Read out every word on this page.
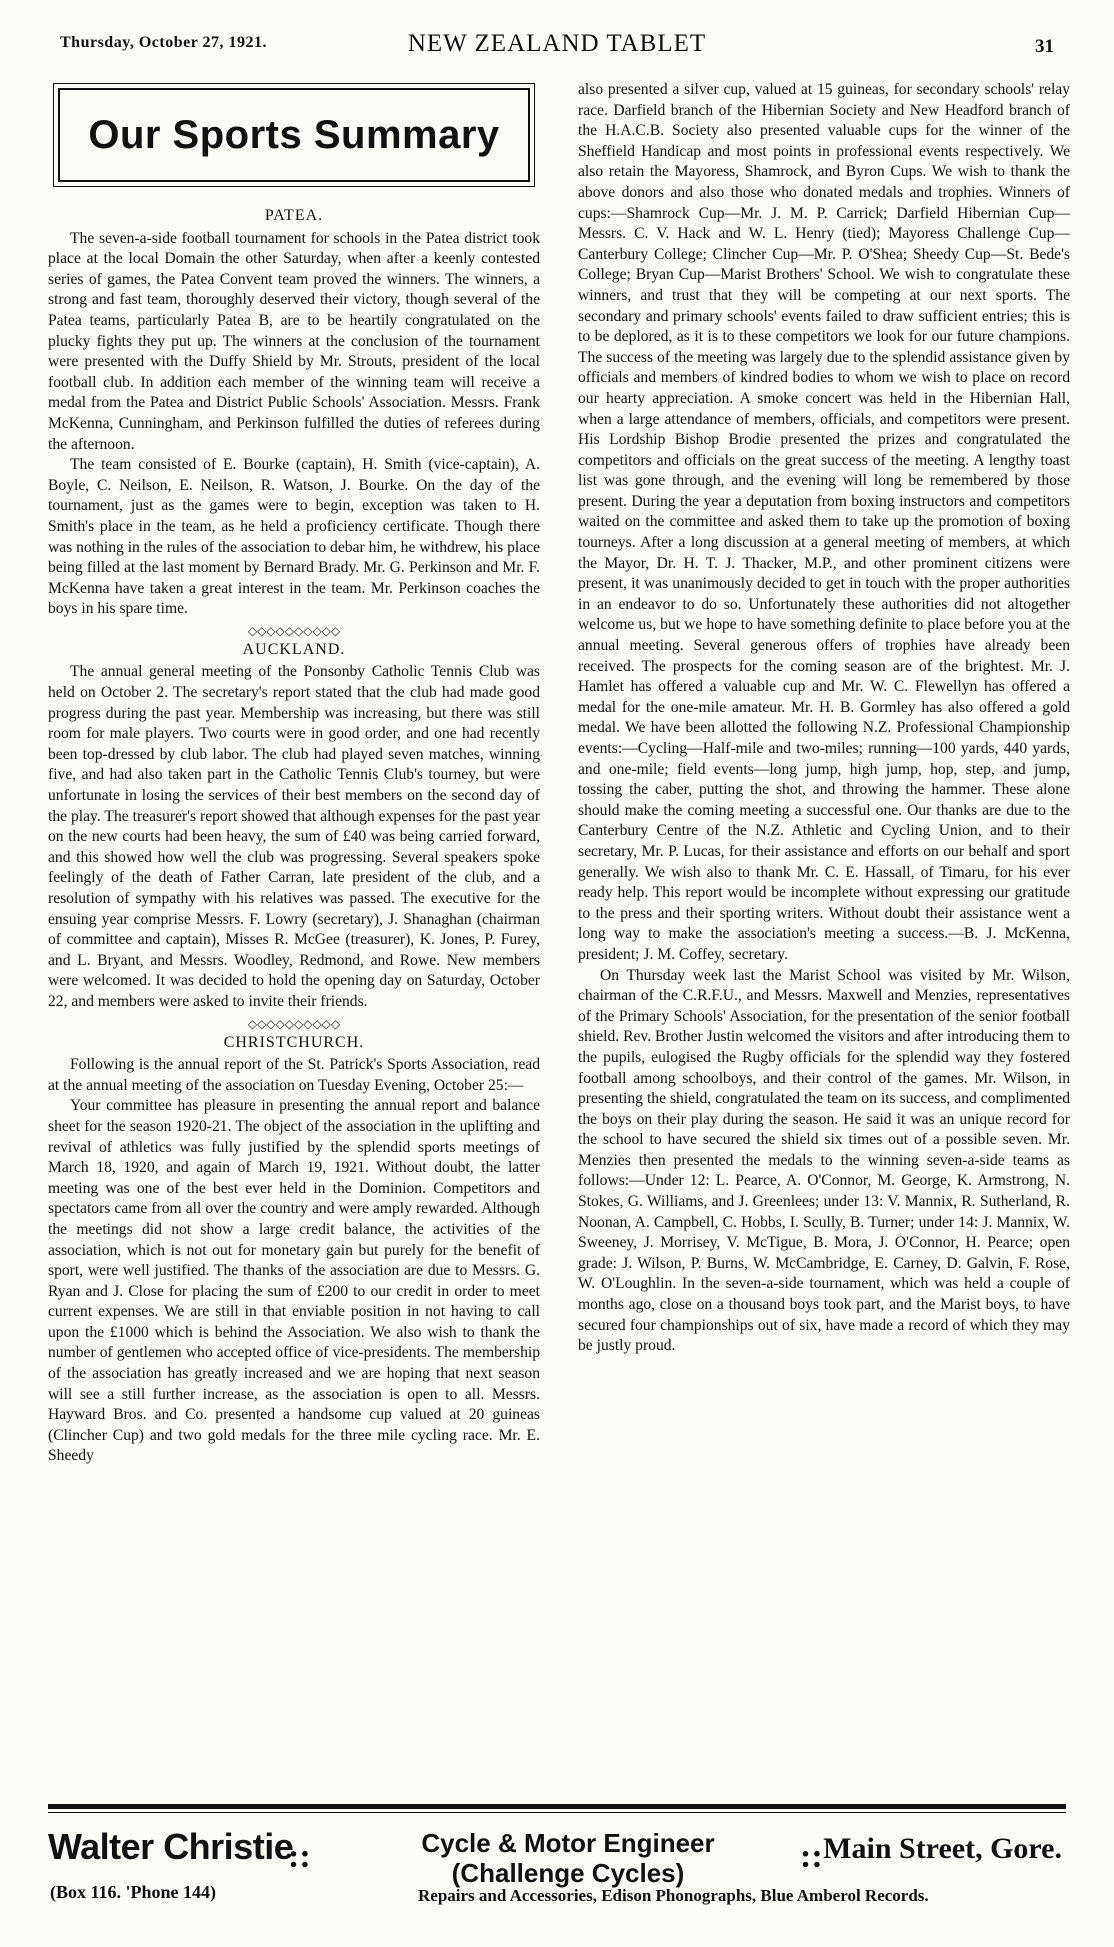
Thursday, October 27, 1921.	NEW ZEALAND TABLET	31
Our Sports Summary
PATEA.

The seven-a-side football tournament for schools in the Patea district took place at the local Domain the other Saturday, when after a keenly contested series of games, the Patea Convent team proved the winners. The winners, a strong and fast team, thoroughly deserved their victory, though several of the Patea teams, particularly Patea B, are to be heartily congratulated on the plucky fights they put up. The winners at the conclusion of the tournament were presented with the Duffy Shield by Mr. Strouts, president of the local football club. In addition each member of the winning team will receive a medal from the Patea and District Public Schools' Association. Messrs. Frank McKenna, Cunningham, and Perkinson fulfilled the duties of referees during the afternoon.

The team consisted of E. Bourke (captain), H. Smith (vice-captain), A. Boyle, C. Neilson, E. Neilson, R. Watson, J. Bourke. On the day of the tournament, just as the games were to begin, exception was taken to H. Smith's place in the team, as he held a proficiency certificate. Though there was nothing in the rules of the association to debar him, he withdrew, his place being filled at the last moment by Bernard Brady. Mr. G. Perkinson and Mr. F. McKenna have taken a great interest in the team. Mr. Perkinson coaches the boys in his spare time.

◇◇◇◇◇◇◇◇◇◇
AUCKLAND.

The annual general meeting of the Ponsonby Catholic Tennis Club was held on October 2. The secretary's report stated that the club had made good progress during the past year. Membership was increasing, but there was still room for male players. Two courts were in good order, and one had recently been top-dressed by club labor. The club had played seven matches, winning five, and had also taken part in the Catholic Tennis Club's tourney, but were unfortunate in losing the services of their best members on the second day of the play. The treasurer's report showed that although expenses for the past year on the new courts had been heavy, the sum of £40 was being carried forward, and this showed how well the club was progressing. Several speakers spoke feelingly of the death of Father Carran, late president of the club, and a resolution of sympathy with his relatives was passed. The executive for the ensuing year comprise Messrs. F. Lowry (secretary), J. Shanaghan (chairman of committee and captain), Misses R. McGee (treasurer), K. Jones, P. Furey, and L. Bryant, and Messrs. Woodley, Redmond, and Rowe. New members were welcomed. It was decided to hold the opening day on Saturday, October 22, and members were asked to invite their friends.

◇◇◇◇◇◇◇◇◇◇
CHRISTCHURCH.

Following is the annual report of the St. Patrick's Sports Association, read at the annual meeting of the association on Tuesday Evening, October 25:—

Your committee has pleasure in presenting the annual report and balance sheet for the season 1920-21. The object of the association in the uplifting and revival of athletics was fully justified by the splendid sports meetings of March 18, 1920, and again of March 19, 1921. Without doubt, the latter meeting was one of the best ever held in the Dominion. Competitors and spectators came from all over the country and were amply rewarded. Although the meetings did not show a large credit balance, the activities of the association, which is not out for monetary gain but purely for the benefit of sport, were well justified. The thanks of the association are due to Messrs. G. Ryan and J. Close for placing the sum of £200 to our credit in order to meet current expenses. We are still in that enviable position in not having to call upon the £1000 which is behind the Association. We also wish to thank the number of gentlemen who accepted office of vice-presidents. The membership of the association has greatly increased and we are hoping that next season will see a still further increase, as the association is open to all. Messrs. Hayward Bros. and Co. presented a handsome cup valued at 20 guineas (Clincher Cup) and two gold medals for the three mile cycling race. Mr. E. Sheedy

also presented a silver cup, valued at 15 guineas, for secondary schools' relay race. Darfield branch of the Hibernian Society and New Headford branch of the H.A.C.B. Society also presented valuable cups for the winner of the Sheffield Handicap and most points in professional events respectively. We also retain the Mayoress, Shamrock, and Byron Cups. We wish to thank the above donors and also those who donated medals and trophies. Winners of cups:—Shamrock Cup—Mr. J. M. P. Carrick; Darfield Hibernian Cup—Messrs. C. V. Hack and W. L. Henry (tied); Mayoress Challenge Cup—Canterbury College; Clincher Cup—Mr. P. O'Shea; Sheedy Cup—St. Bede's College; Bryan Cup—Marist Brothers' School. We wish to congratulate these winners, and trust that they will be competing at our next sports. The secondary and primary schools' events failed to draw sufficient entries; this is to be deplored, as it is to these competitors we look for our future champions. The success of the meeting was largely due to the splendid assistance given by officials and members of kindred bodies to whom we wish to place on record our hearty appreciation. A smoke concert was held in the Hibernian Hall, when a large attendance of members, officials, and competitors were present. His Lordship Bishop Brodie presented the prizes and congratulated the competitors and officials on the great success of the meeting. A lengthy toast list was gone through, and the evening will long be remembered by those present. During the year a deputation from boxing instructors and competitors waited on the committee and asked them to take up the promotion of boxing tourneys. After a long discussion at a general meeting of members, at which the Mayor, Dr. H. T. J. Thacker, M.P., and other prominent citizens were present, it was unanimously decided to get in touch with the proper authorities in an endeavor to do so. Unfortunately these authorities did not altogether welcome us, but we hope to have something definite to place before you at the annual meeting. Several generous offers of trophies have already been received. The prospects for the coming season are of the brightest. Mr. J. Hamlet has offered a valuable cup and Mr. W. C. Flewellyn has offered a medal for the one-mile amateur. Mr. H. B. Gormley has also offered a gold medal. We have been allotted the following N.Z. Professional Championship events:—Cycling—Half-mile and two-miles; running—100 yards, 440 yards, and one-mile; field events—long jump, high jump, hop, step, and jump, tossing the caber, putting the shot, and throwing the hammer. These alone should make the coming meeting a successful one. Our thanks are due to the Canterbury Centre of the N.Z. Athletic and Cycling Union, and to their secretary, Mr. P. Lucas, for their assistance and efforts on our behalf and sport generally. We wish also to thank Mr. C. E. Hassall, of Timaru, for his ever ready help. This report would be incomplete without expressing our gratitude to the press and their sporting writers. Without doubt their assistance went a long way to make the association's meeting a success.—B. J. McKenna, president; J. M. Coffey, secretary.

On Thursday week last the Marist School was visited by Mr. Wilson, chairman of the C.R.F.U., and Messrs. Maxwell and Menzies, representatives of the Primary Schools' Association, for the presentation of the senior football shield. Rev. Brother Justin welcomed the visitors and after introducing them to the pupils, eulogised the Rugby officials for the splendid way they fostered football among schoolboys, and their control of the games. Mr. Wilson, in presenting the shield, congratulated the team on its success, and complimented the boys on their play during the season. He said it was an unique record for the school to have secured the shield six times out of a possible seven. Mr. Menzies then presented the medals to the winning seven-a-side teams as follows:—Under 12: L. Pearce, A. O'Connor, M. George, K. Armstrong, N. Stokes, G. Williams, and J. Greenlees; under 13: V. Mannix, R. Sutherland, R. Noonan, A. Campbell, C. Hobbs, I. Scully, B. Turner; under 14: J. Mannix, W. Sweeney, J. Morrisey, V. McTigue, B. Mora, J. O'Connor, H. Pearce; open grade: J. Wilson, P. Burns, W. McCambridge, E. Carney, D. Galvin, F. Rose, W. O'Loughlin. In the seven-a-side tournament, which was held a couple of months ago, close on a thousand boys took part, and the Marist boys, to have secured four championships out of six, have made a record of which they may be justly proud.

Walter Christie
(Box 116. 'Phone 144)
::	Cycle & Motor Engineer
(Challenge Cycles)
Repairs and Accessories, Edison Phonographs, Blue Amberol Records.
:: Main Street, Gore.
